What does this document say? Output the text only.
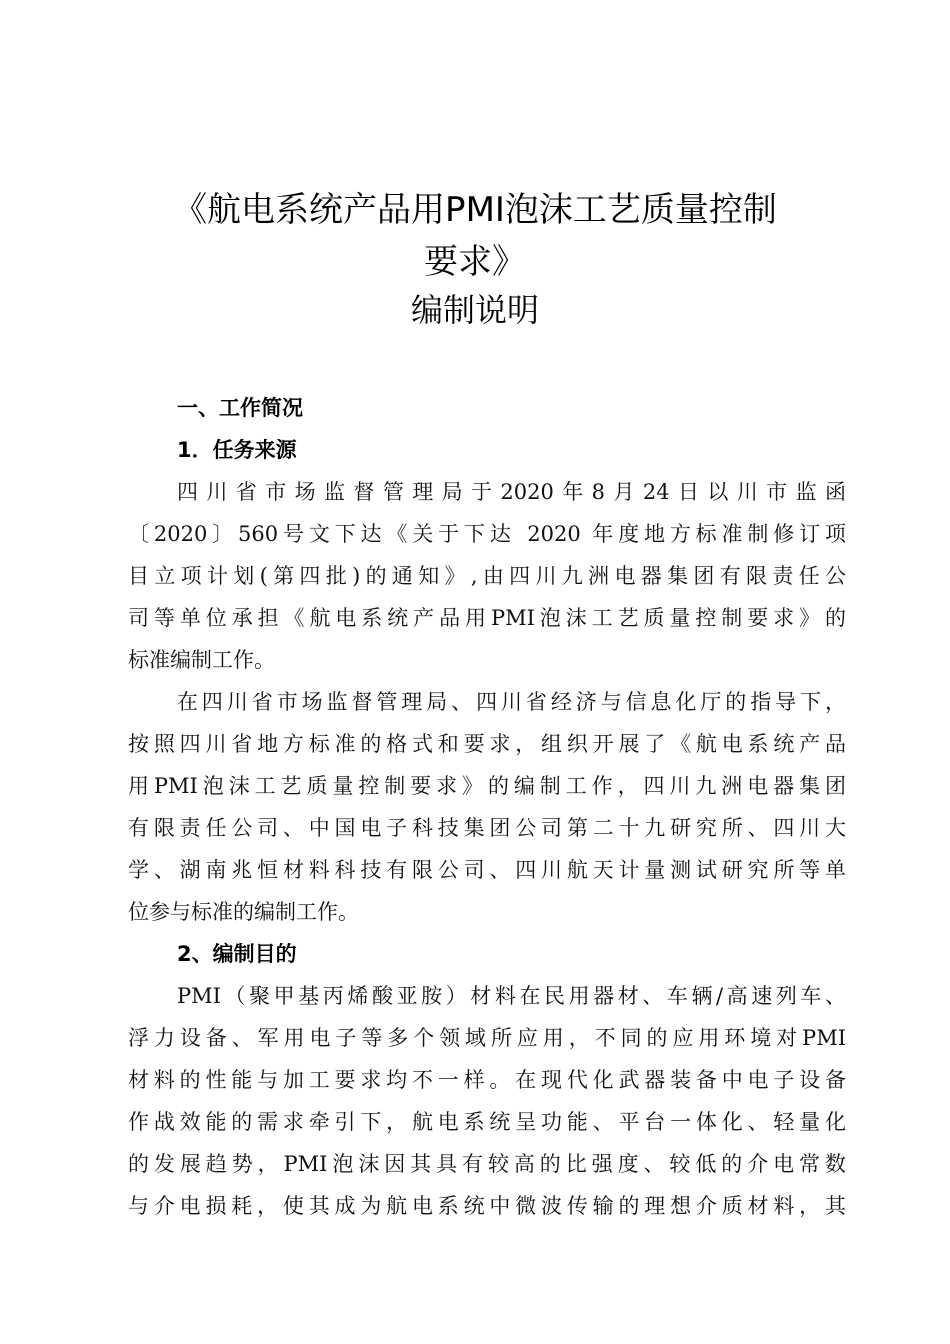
《航电系统产品用PMI泡沫工艺质量控制
要求》
编制说明
一、工作简况
1．任务来源
四川省市场监督管理局于2020年8月24日以川市监函
〔2020〕560号文下达《关于下达 2020 年度地方标准制修订项
目立项计划(第四批)的通知》,由四川九洲电器集团有限责任公
司等单位承担《航电系统产品用PMI泡沫工艺质量控制要求》的
标准编制工作。
在四川省市场监督管理局、四川省经济与信息化厅的指导下，
按照四川省地方标准的格式和要求，组织开展了《航电系统产品
用PMI泡沫工艺质量控制要求》的编制工作，四川九洲电器集团
有限责任公司、中国电子科技集团公司第二十九研究所、四川大
学、湖南兆恒材料科技有限公司、四川航天计量测试研究所等单
位参与标准的编制工作。
2、编制目的
PMI（聚甲基丙烯酸亚胺）材料在民用器材、车辆/高速列车、
浮力设备、军用电子等多个领域所应用，不同的应用环境对PMI
材料的性能与加工要求均不一样。在现代化武器装备中电子设备
作战效能的需求牵引下，航电系统呈功能、平台一体化、轻量化
的发展趋势，PMI泡沫因其具有较高的比强度、较低的介电常数
与介电损耗，使其成为航电系统中微波传输的理想介质材料，其
